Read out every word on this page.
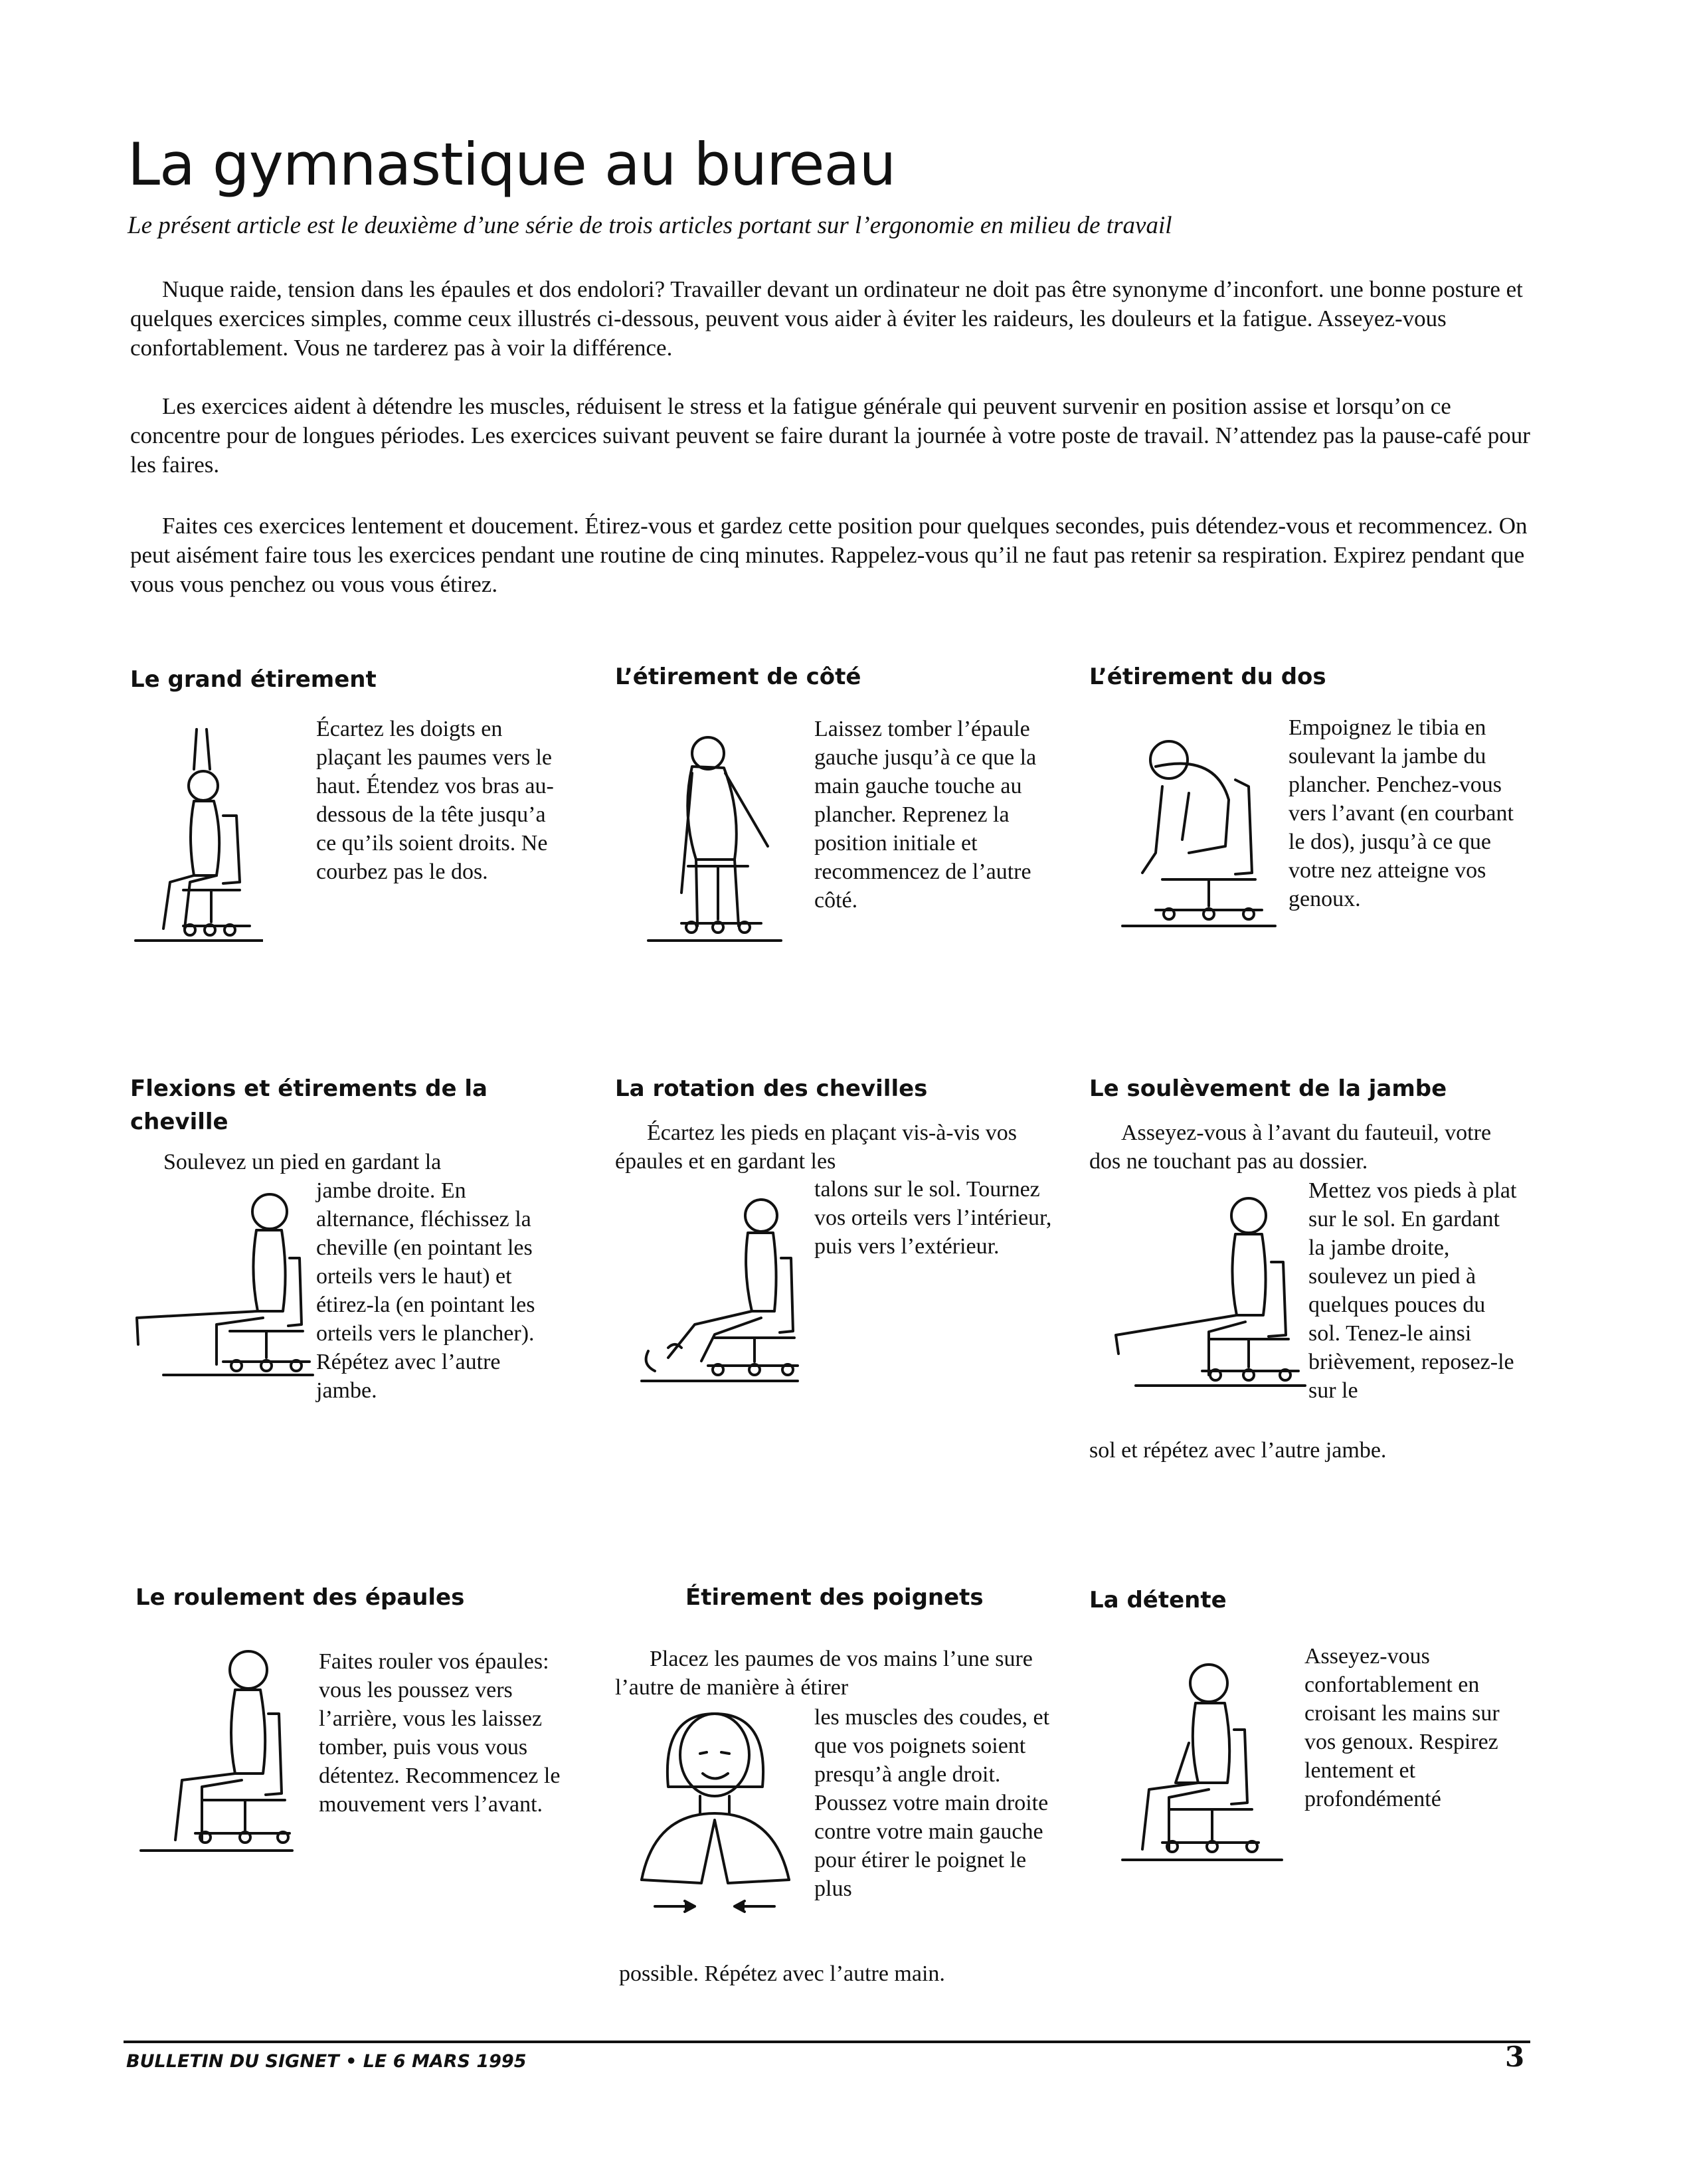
La gymnastique au bureau

Le présent article est le deuxième d’une série de trois articles portant sur l’ergonomie en milieu de travail

Nuque raide, tension dans les épaules et dos endolori? Travailler devant un ordinateur ne doit pas être synonyme d’inconfort. une bonne posture et quelques exercices simples, comme ceux illustrés ci-dessous, peuvent vous aider à éviter les raideurs, les douleurs et la fatigue. Asseyez-vous confortablement. Vous ne tarderez pas à voir la différence.

Les exercices aident à détendre les muscles, réduisent le stress et la fatigue générale qui peuvent survenir en position assise et lorsqu’on ce concentre pour de longues périodes. Les exercices suivant peuvent se faire durant la journée à votre poste de travail. N’attendez pas la pause-café pour les faires.

Faites ces exercices lentement et doucement. Étirez-vous et gardez cette position pour quelques secondes, puis détendez-vous et recommencez. On peut aisément faire tous les exercices pendant une routine de cinq minutes. Rappelez-vous qu’il ne faut pas retenir sa respiration. Expirez pendant que vous vous penchez ou vous vous étirez.

Le grand étirement

Écartez les doigts en plaçant les paumes vers le haut. Étendez vos bras au-dessous de la tête jusqu’a ce qu’ils soient droits. Ne courbez pas le dos.

L’étirement de côté

Laissez tomber l’épaule gauche jusqu’à ce que la main gauche touche au plancher. Reprenez la position initiale et recommencez de l’autre côté.

L’étirement du dos

Empoignez le tibia en soulevant la jambe du plancher. Penchez-vous vers l’avant (en courbant le dos), jusqu’à ce que votre nez atteigne vos genoux.

Flexions et étirements de la cheville

Soulevez un pied en gardant la

jambe droite. En alternance, fléchissez la cheville (en pointant les orteils vers le haut) et étirez-la (en pointant les orteils vers le plancher). Répétez avec l’autre jambe.

La rotation des chevilles

Écartez les pieds en plaçant vis-à-vis vos épaules et en gardant les

talons sur le sol. Tournez vos orteils vers l’intérieur, puis vers l’extérieur.

Le soulèvement de la jambe

Asseyez-vous à l’avant du fauteuil, votre dos ne touchant pas au dossier.

Mettez vos pieds à plat sur le sol. En gardant la jambe droite, soulevez un pied à quelques pouces du sol. Tenez-le ainsi brièvement, reposez-le sur le

sol et répétez avec l’autre jambe.

Le roulement des épaules

Faites rouler vos épaules: vous les poussez vers l’arrière, vous les laissez tomber, puis vous vous détentez. Recommencez le mouvement vers l’avant.

Étirement des poignets

Placez les paumes de vos mains l’une sure l’autre de manière à étirer

les muscles des coudes, et que vos poignets soient presqu’à angle droit. Poussez votre main droite contre votre main gauche pour étirer le poignet le plus

possible. Répétez avec l’autre main.

La détente

Asseyez-vous confortablement en croisant les mains sur vos genoux. Respirez lentement et profondémenté

BULLETIN DU SIGNET • LE 6 MARS 1995	3
